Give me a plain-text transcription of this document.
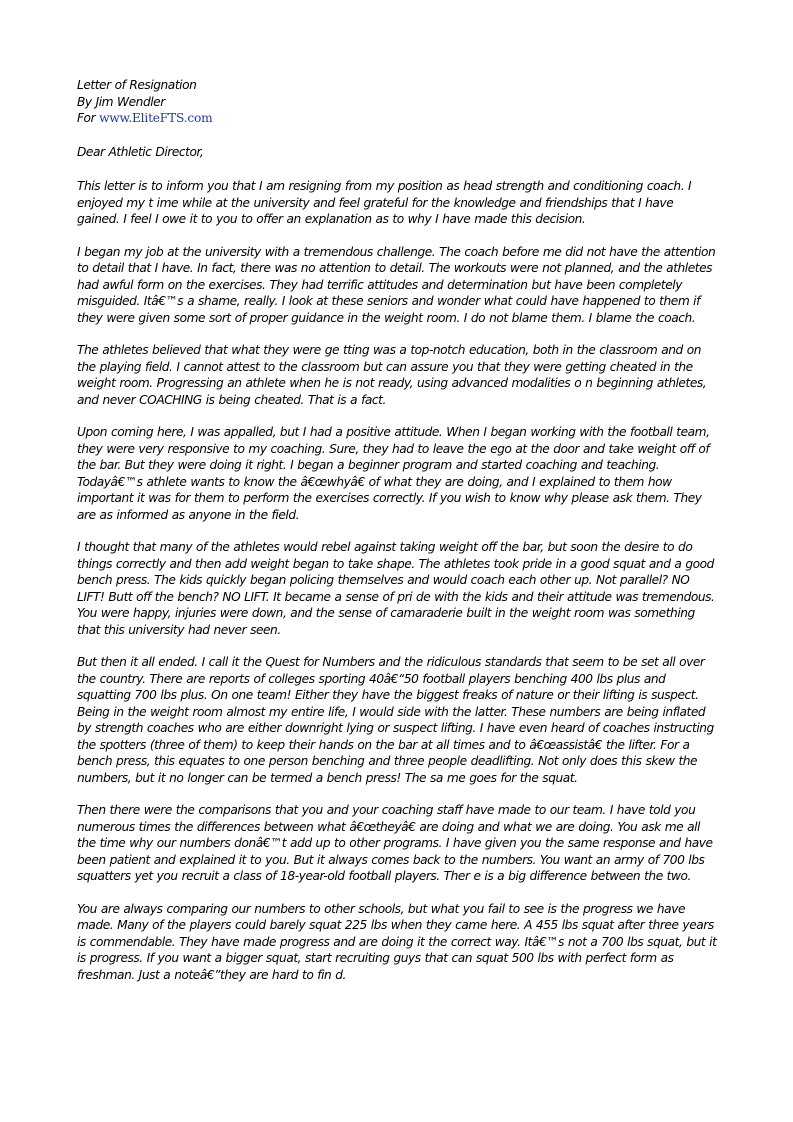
Letter of Resignation
By Jim Wendler
For www.EliteFTS.com

Dear Athletic Director,

This letter is to inform you that I am resigning from my position as head strength and conditioning coach. I enjoyed my t ime while at the university and feel grateful for the knowledge and friendships that I have gained. I feel I owe it to you to offer an explanation as to why I have made this decision.

I began my job at the university with a tremendous challenge. The coach before me did not have the attention to detail that I have. In fact, there was no attention to detail. The workouts were not planned, and the athletes had awful form on the exercises. They had terrific attitudes and determination but have been completely misguided. Itâ€™s a shame, really. I look at these seniors and wonder what could have happened to them if they were given some sort of proper guidance in the weight room. I do not blame them. I blame the coach.

The athletes believed that what they were ge tting was a top-notch education, both in the classroom and on the playing field. I cannot attest to the classroom but can assure you that they were getting cheated in the weight room. Progressing an athlete when he is not ready, using advanced modalities o n beginning athletes, and never COACHING is being cheated. That is a fact.

Upon coming here, I was appalled, but I had a positive attitude. When I began working with the football team, they were very responsive to my coaching. Sure, they had to leave the ego at the door and take weight off of the bar. But they were doing it right. I began a beginner program and started coaching and teaching. Todayâ€™s athlete wants to know the â€œwhyâ€ of what they are doing, and I explained to them how important it was for them to perform the exercises correctly. If you wish to know why please ask them. They are as informed as anyone in the field.

I thought that many of the athletes would rebel against taking weight off the bar, but soon the desire to do things correctly and then add weight began to take shape. The athletes took pride in a good squat and a good bench press. The kids quickly began policing themselves and would coach each other up. Not parallel? NO LIFT! Butt off the bench? NO LIFT. It became a sense of pri de with the kids and their attitude was tremendous. You were happy, injuries were down, and the sense of camaraderie built in the weight room was something that this university had never seen.

But then it all ended. I call it the Quest for Numbers and the ridiculous standards that seem to be set all over the country. There are reports of colleges sporting 40â€“50 football players benching 400 lbs plus and squatting 700 lbs plus. On one team! Either they have the biggest freaks of nature or their lifting is suspect. Being in the weight room almost my entire life, I would side with the latter. These numbers are being inflated by strength coaches who are either downright lying or suspect lifting. I have even heard of coaches instructing the spotters (three of them) to keep their hands on the bar at all times and to â€œassistâ€ the lifter. For a bench press, this equates to one person benching and three people deadlifting. Not only does this skew the numbers, but it no longer can be termed a bench press! The sa me goes for the squat.

Then there were the comparisons that you and your coaching staff have made to our team. I have told you numerous times the differences between what â€œtheyâ€ are doing and what we are doing. You ask me all the time why our numbers donâ€™t add up to other programs. I have given you the same response and have been patient and explained it to you. But it always comes back to the numbers. You want an army of 700 lbs squatters yet you recruit a class of 18-year-old football players. Ther e is a big difference between the two.

You are always comparing our numbers to other schools, but what you fail to see is the progress we have made. Many of the players could barely squat 225 lbs when they came here. A 455 lbs squat after three years is commendable. They have made progress and are doing it the correct way. Itâ€™s not a 700 lbs squat, but it is progress. If you want a bigger squat, start recruiting guys that can squat 500 lbs with perfect form as freshman. Just a noteâ€”they are hard to fin d.
